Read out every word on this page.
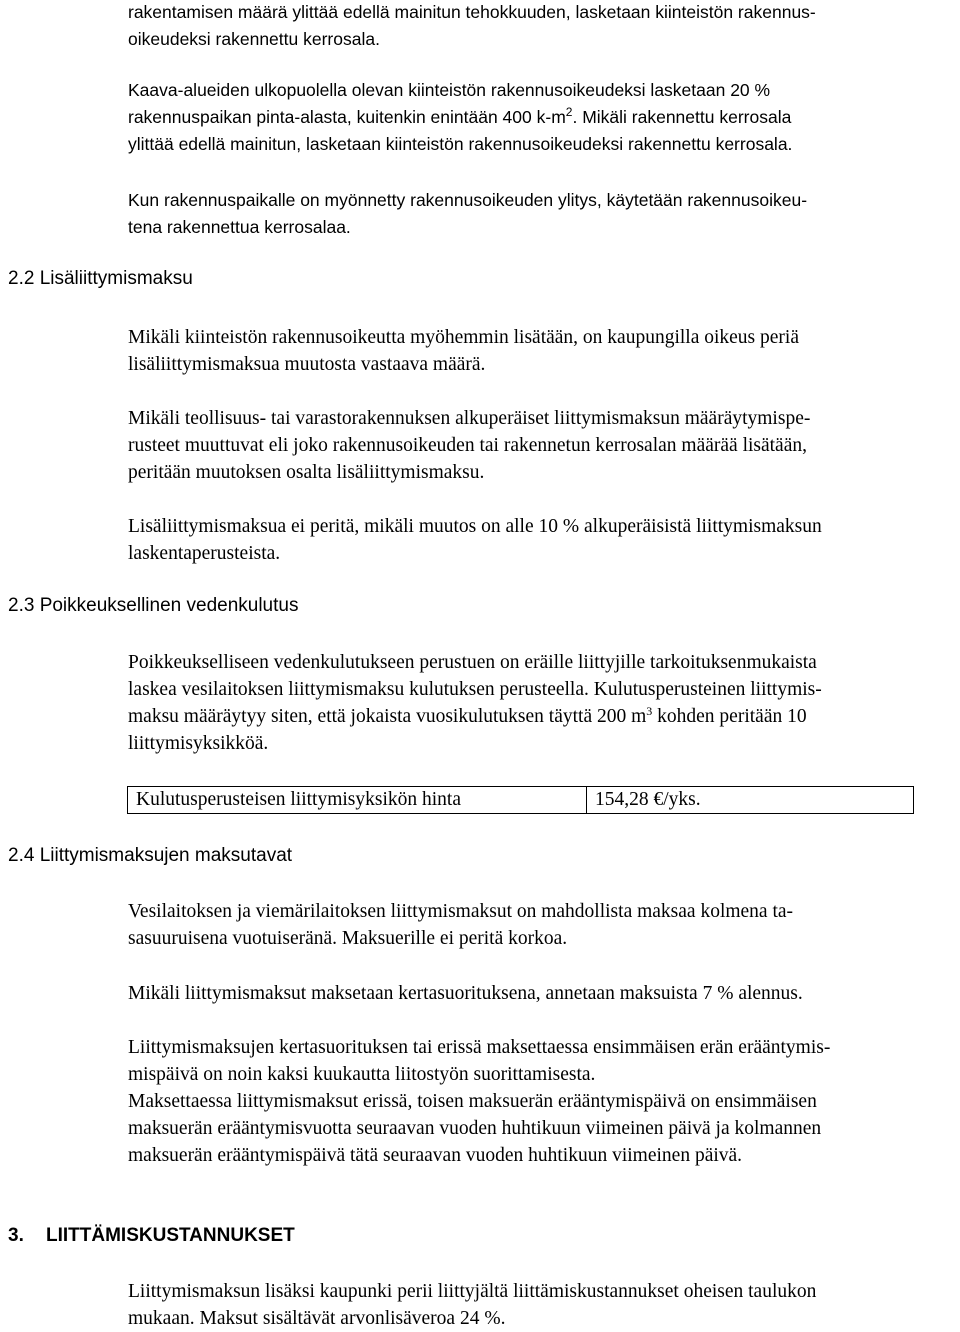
rakentamisen määrä ylittää edellä mainitun tehokkuuden, lasketaan kiinteistön rakennus-
oikeudeksi rakennettu kerrosala.
Kaava-alueiden ulkopuolella olevan kiinteistön rakennusoikeudeksi lasketaan 20 %
rakennuspaikan pinta-alasta, kuitenkin enintään 400 $k-m^2$. Mikäli rakennettu kerrosala
ylittää edellä mainitun, lasketaan kiinteistön rakennusoikeudeksi rakennettu kerrosala.
Kun rakennuspaikalle on myönnetty rakennusoikeuden ylitys, käytetään rakennusoikeu-
tena rakennettua kerrosalaa.
2.2 Lisäliittymismaksu
Mikäli kiinteistön rakennusoikeutta myöhemmin lisätään, on kaupungilla oikeus periä
lisäliittymismaksua muutosta vastaava määrä.
Mikäli teollisuus- tai varastorakennuksen alkuperäiset liittymismaksun määräytymispe-
rusteet muuttuvat eli joko rakennusoikeuden tai rakennetun kerrosalan määrää lisätään,
peritään muutoksen osalta lisäliittymismaksu.
Lisäliittymismaksua ei peritä, mikäli muutos on alle 10 % alkuperäisistä liittymismaksun
laskentaperusteista.
2.3 Poikkeuksellinen vedenkulutus
Poikkeukselliseen vedenkulutukseen perustuen on eräille liittyjille tarkoituksenmukaista
laskea vesilaitoksen liittymismaksu kulutuksen perusteella. Kulutusperusteinen liittymis-
maksu määräytyy siten, että jokaista vuosikulutuksen täyttä 200 $m^3$ kohden peritään 10
liittymisyksikköä.
Kulutusperusteisen liittymisyksikön hinta	154,28 €/yks.
2.4 Liittymismaksujen maksutavat
Vesilaitoksen ja viemärilaitoksen liittymismaksut on mahdollista maksaa kolmena ta-
sasuuruisena vuotuiseränä. Maksuerille ei peritä korkoa.
Mikäli liittymismaksut maksetaan kertasuorituksena, annetaan maksuista 7 % alennus.
Liittymismaksujen kertasuorituksen tai erissä maksettaessa ensimmäisen erän erääntymis-
mispäivä on noin kaksi kuukautta liitostyön suorittamisesta.
Maksettaessa liittymismaksut erissä, toisen maksuerän erääntymispäivä on ensimmäisen
maksuerän erääntymisvuotta seuraavan vuoden huhtikuun viimeinen päivä ja kolmannen
maksuerän erääntymispäivä tätä seuraavan vuoden huhtikuun viimeinen päivä.
3. LIITTÄMISKUSTANNUKSET
Liittymismaksun lisäksi kaupunki perii liittyjältä liittämiskustannukset oheisen taulukon
mukaan. Maksut sisältävät arvonlisäveroa 24 %.
